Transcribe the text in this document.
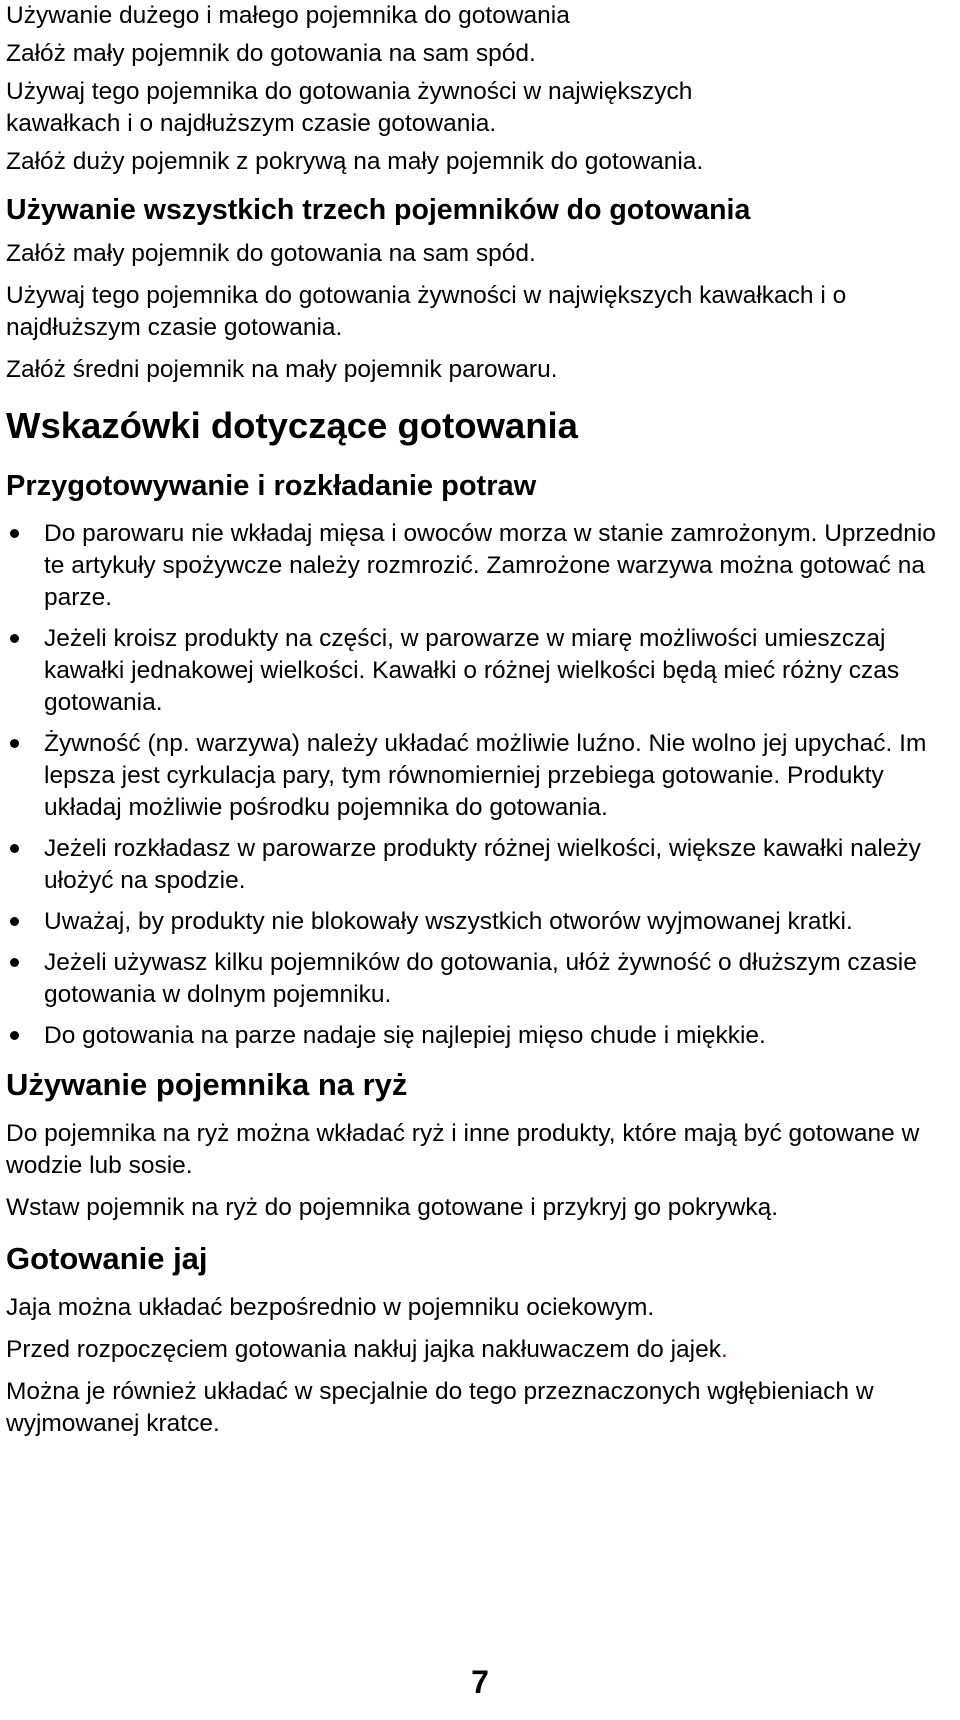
Używanie dużego i małego pojemnika do gotowania

Załóż mały pojemnik do gotowania na sam spód.

Używaj tego pojemnika do gotowania żywności w największych

kawałkach i o najdłuższym czasie gotowania.

Załóż duży pojemnik z pokrywą na mały pojemnik do gotowania.

Używanie wszystkich trzech pojemników do gotowania

Załóż mały pojemnik do gotowania na sam spód.

Używaj tego pojemnika do gotowania żywności w największych kawałkach i o najdłuższym czasie gotowania.

Załóż średni pojemnik na mały pojemnik parowaru.

Wskazówki dotyczące gotowania
Przygotowywanie i rozkładanie potraw
Do parowaru nie wkładaj mięsa i owoców morza w stanie zamrożonym. Uprzednio te artykuły spożywcze należy rozmrozić. Zamrożone warzywa można gotować na parze.
Jeżeli kroisz produkty na części, w parowarze w miarę możliwości umieszczaj kawałki jednakowej wielkości. Kawałki o różnej wielkości będą mieć różny czas gotowania.
Żywność (np. warzywa) należy układać możliwie luźno. Nie wolno jej upychać. Im lepsza jest cyrkulacja pary, tym równomierniej przebiega gotowanie. Produkty układaj możliwie pośrodku pojemnika do gotowania.
Jeżeli rozkładasz w parowarze produkty różnej wielkości, większe kawałki należy ułożyć na spodzie.
Uważaj, by produkty nie blokowały wszystkich otworów wyjmowanej kratki.
Jeżeli używasz kilku pojemników do gotowania, ułóż żywność o dłuższym czasie gotowania w dolnym pojemniku.
Do gotowania na parze nadaje się najlepiej mięso chude i miękkie.
Używanie pojemnika na ryż

Do pojemnika na ryż można wkładać ryż i inne produkty, które mają być gotowane w wodzie lub sosie.

Wstaw pojemnik na ryż do pojemnika gotowane i przykryj go pokrywką.

Gotowanie jaj

Jaja można układać bezpośrednio w pojemniku ociekowym.

Przed rozpoczęciem gotowania nakłuj jajka nakłuwaczem do jajek.

Można je również układać w specjalnie do tego przeznaczonych wgłębieniach w wyjmowanej kratce.

7
